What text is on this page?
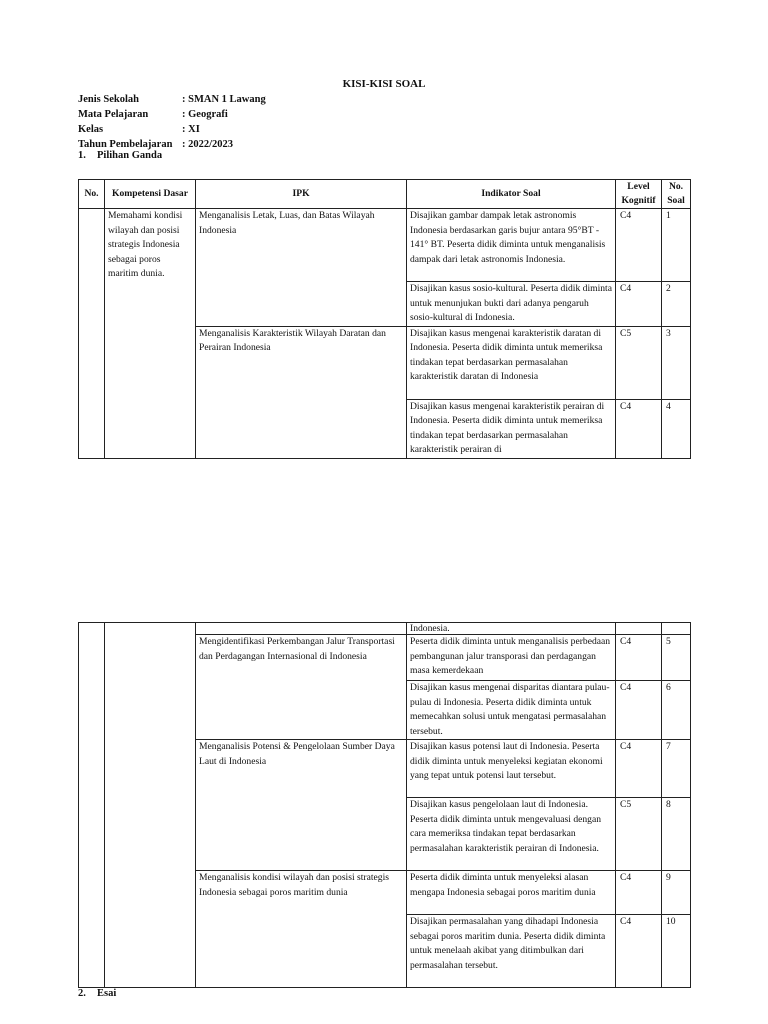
KISI-KISI SOAL
Jenis Sekolah	: SMAN 1 Lawang
Mata Pelajaran	: Geografi
Kelas	: XI
Tahun Pembelajaran : 2022/2023
1. Pilihan Ganda
No.	Kompetensi Dasar	IPK	Indikator Soal	Level Kognitif	No. Soal
	Memahami kondisi wilayah dan posisi strategis Indonesia sebagai poros maritim dunia.	Menganalisis Letak, Luas, dan Batas Wilayah Indonesia	Disajikan gambar dampak letak astronomis Indonesia berdasarkan garis bujur antara 95°BT - 141° BT. Peserta didik diminta untuk menganalisis dampak dari letak astronomis Indonesia.	C4	1
			Disajikan kasus sosio-kultural. Peserta didik diminta untuk menunjukan bukti dari adanya pengaruh sosio-kultural di Indonesia.	C4	2
		Menganalisis Karakteristik Wilayah Daratan dan Perairan Indonesia	Disajikan kasus mengenai karakteristik daratan di Indonesia. Peserta didik diminta untuk memeriksa tindakan tepat berdasarkan permasalahan karakteristik daratan di Indonesia	C5	3
			Disajikan kasus mengenai karakteristik perairan di Indonesia. Peserta didik diminta untuk memeriksa tindakan tepat berdasarkan permasalahan karakteristik perairan di	C4	4
			Indonesia.		
		Mengidentifikasi Perkembangan Jalur Transportasi dan Perdagangan Internasional di Indonesia	Peserta didik diminta untuk menganalisis perbedaan pembangunan jalur transporasi dan perdagangan masa kemerdekaan	C4	5
			Disajikan kasus mengenai disparitas diantara pulau-pulau di Indonesia. Peserta didik diminta untuk memecahkan solusi untuk mengatasi permasalahan tersebut.	C4	6
		Menganalisis Potensi & Pengelolaan Sumber Daya Laut di Indonesia	Disajikan kasus potensi laut di Indonesia. Peserta didik diminta untuk menyeleksi kegiatan ekonomi yang tepat untuk potensi laut tersebut.	C4	7
			Disajikan kasus pengelolaan laut di Indonesia. Peserta didik diminta untuk mengevaluasi dengan cara memeriksa tindakan tepat berdasarkan permasalahan karakteristik perairan di Indonesia.	C5	8
		Menganalisis kondisi wilayah dan posisi strategis Indonesia sebagai poros maritim dunia	Peserta didik diminta untuk menyeleksi alasan mengapa Indonesia sebagai poros maritim dunia	C4	9
			Disajikan permasalahan yang dihadapi Indonesia sebagai poros maritim dunia. Peserta didik diminta untuk menelaah akibat yang ditimbulkan dari permasalahan tersebut.	C4	10
2. Esai
